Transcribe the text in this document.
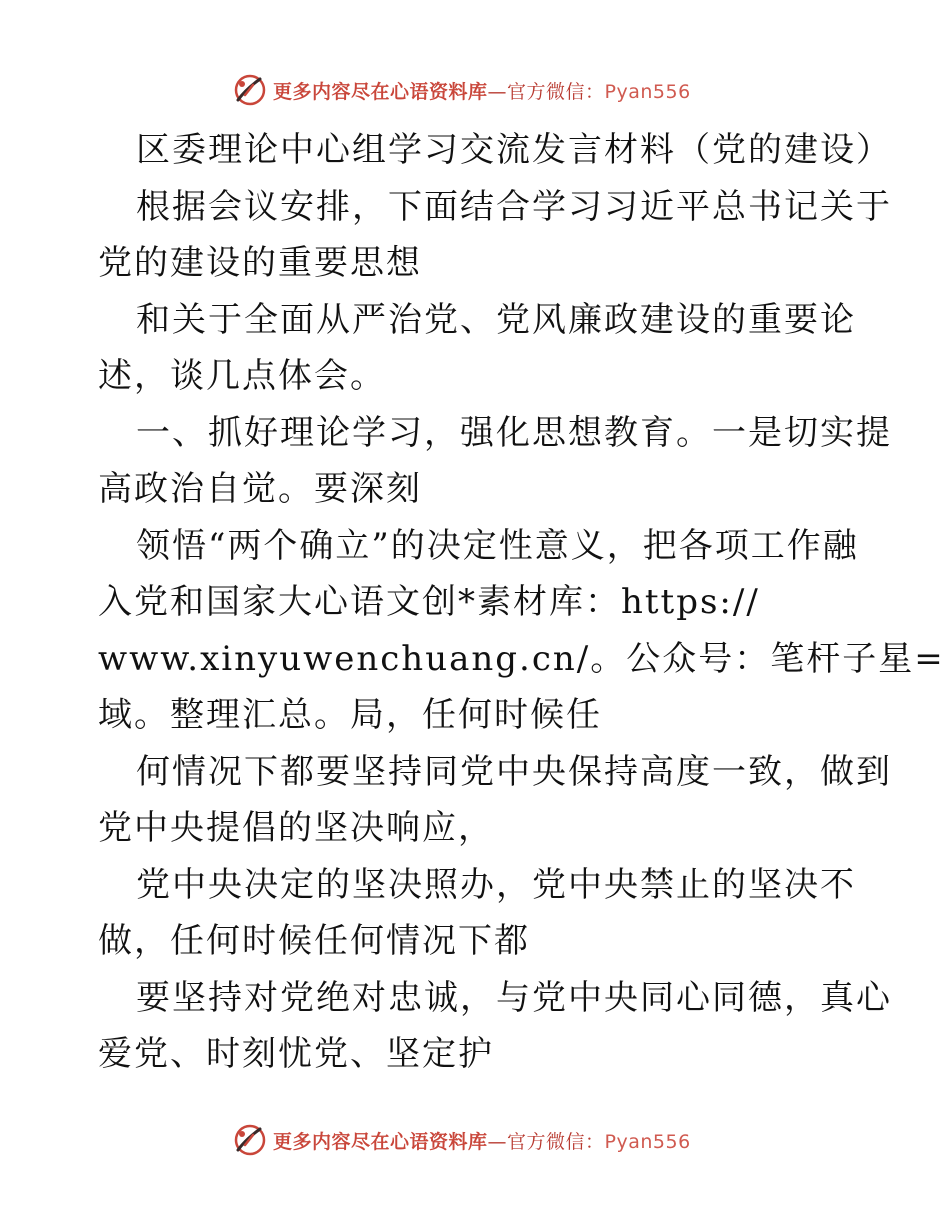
更多内容尽在心语资料库—官方微信：Pyan556
区委理论中心组学习交流发言材料（党的建设）
根据会议安排，下面结合学习习近平总书记关于
党的建设的重要思想
和关于全面从严治党、党风廉政建设的重要论
述，谈几点体会。
一、抓好理论学习，强化思想教育。一是切实提
高政治自觉。要深刻
领悟“两个确立”的决定性意义，把各项工作融
入党和国家大心语文创*素材库：https://
www.xinyuwenchuang.cn/。公众号：笔杆子星=
域。整理汇总。局，任何时候任
何情况下都要坚持同党中央保持高度一致，做到
党中央提倡的坚决响应，
党中央决定的坚决照办，党中央禁止的坚决不
做，任何时候任何情况下都
要坚持对党绝对忠诚，与党中央同心同德，真心
爱党、时刻忧党、坚定护
更多内容尽在心语资料库—官方微信：Pyan556
